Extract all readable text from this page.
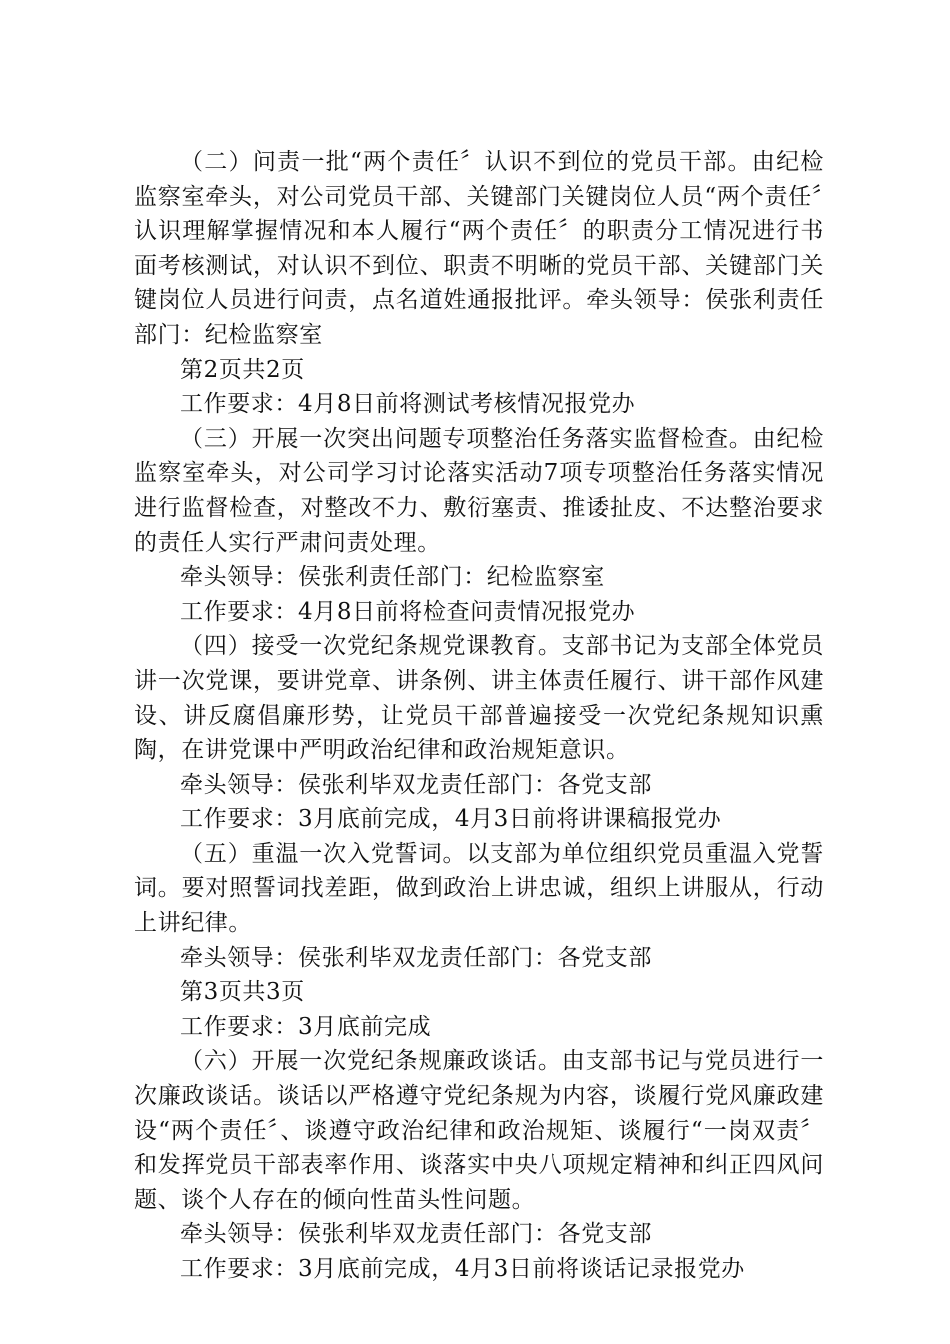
（二）问责一批“两个责任〞认识不到位的党员干部。由纪检监察室牵头，对公司党员干部、关键部门关键岗位人员“两个责任〞认识理解掌握情况和本人履行“两个责任〞的职责分工情况进行书面考核测试，对认识不到位、职责不明晰的党员干部、关键部门关键岗位人员进行问责，点名道姓通报批评。牵头领导：侯张利责任部门：纪检监察室

第2页共2页

工作要求：4月8日前将测试考核情况报党办

（三）开展一次突出问题专项整治任务落实监督检查。由纪检监察室牵头，对公司学习讨论落实活动7项专项整治任务落实情况进行监督检查，对整改不力、敷衍塞责、推诿扯皮、不达整治要求的责任人实行严肃问责处理。

牵头领导：侯张利责任部门：纪检监察室

工作要求：4月8日前将检查问责情况报党办

（四）接受一次党纪条规党课教育。支部书记为支部全体党员讲一次党课，要讲党章、讲条例、讲主体责任履行、讲干部作风建设、讲反腐倡廉形势，让党员干部普遍接受一次党纪条规知识熏陶，在讲党课中严明政治纪律和政治规矩意识。

牵头领导：侯张利毕双龙责任部门：各党支部

工作要求：3月底前完成，4月3日前将讲课稿报党办

（五）重温一次入党誓词。以支部为单位组织党员重温入党誓词。要对照誓词找差距，做到政治上讲忠诚，组织上讲服从，行动上讲纪律。

牵头领导：侯张利毕双龙责任部门：各党支部

第3页共3页

工作要求：3月底前完成

（六）开展一次党纪条规廉政谈话。由支部书记与党员进行一次廉政谈话。谈话以严格遵守党纪条规为内容，谈履行党风廉政建设“两个责任〞、谈遵守政治纪律和政治规矩、谈履行“一岗双责〞和发挥党员干部表率作用、谈落实中央八项规定精神和纠正四风问题、谈个人存在的倾向性苗头性问题。

牵头领导：侯张利毕双龙责任部门：各党支部

工作要求：3月底前完成，4月3日前将谈话记录报党办
